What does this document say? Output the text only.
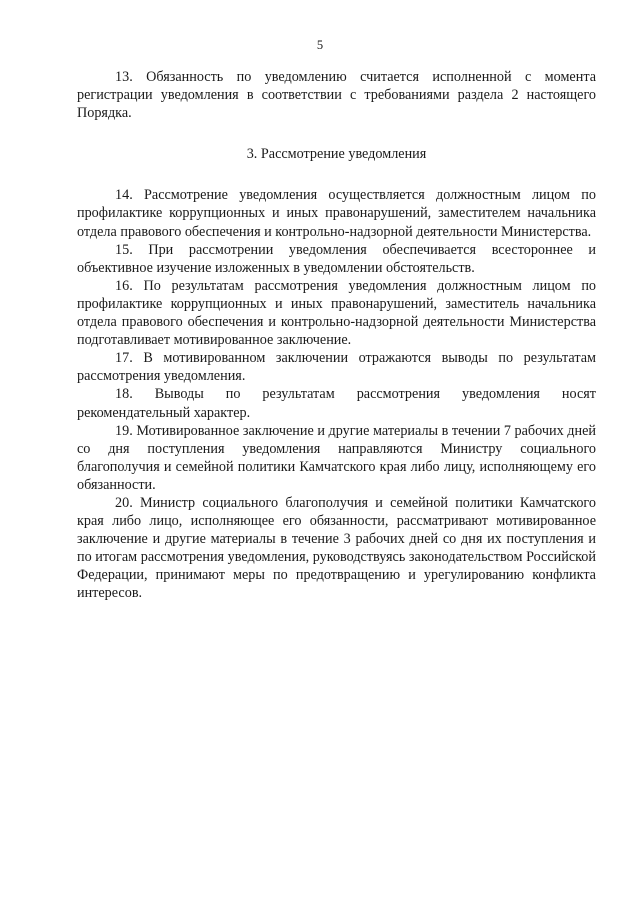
5

13. Обязанность по уведомлению считается исполненной с момента регистрации уведомления в соответствии с требованиями раздела 2 настоящего Порядка.

3. Рассмотрение уведомления

14. Рассмотрение уведомления осуществляется должностным лицом по профилактике коррупционных и иных правонарушений, заместителем начальника отдела правового обеспечения и контрольно-надзорной деятельности Министерства.

15. При рассмотрении уведомления обеспечивается всестороннее и объективное изучение изложенных в уведомлении обстоятельств.

16. По результатам рассмотрения уведомления должностным лицом по профилактике коррупционных и иных правонарушений, заместитель начальника отдела правового обеспечения и контрольно-надзорной деятельности Министерства подготавливает мотивированное заключение.

17. В мотивированном заключении отражаются выводы по результатам рассмотрения уведомления.

18. Выводы по результатам рассмотрения уведомления носят рекомендательный характер.

19. Мотивированное заключение и другие материалы в течении 7 рабочих дней со дня поступления уведомления направляются Министру социального благополучия и семейной политики Камчатского края либо лицу, исполняющему его обязанности.

20. Министр социального благополучия и семейной политики Камчатского края либо лицо, исполняющее его обязанности, рассматривают мотивированное заключение и другие материалы в течение 3 рабочих дней со дня их поступления и по итогам рассмотрения уведомления, руководствуясь законодательством Российской Федерации, принимают меры по предотвращению и урегулированию конфликта интересов.
